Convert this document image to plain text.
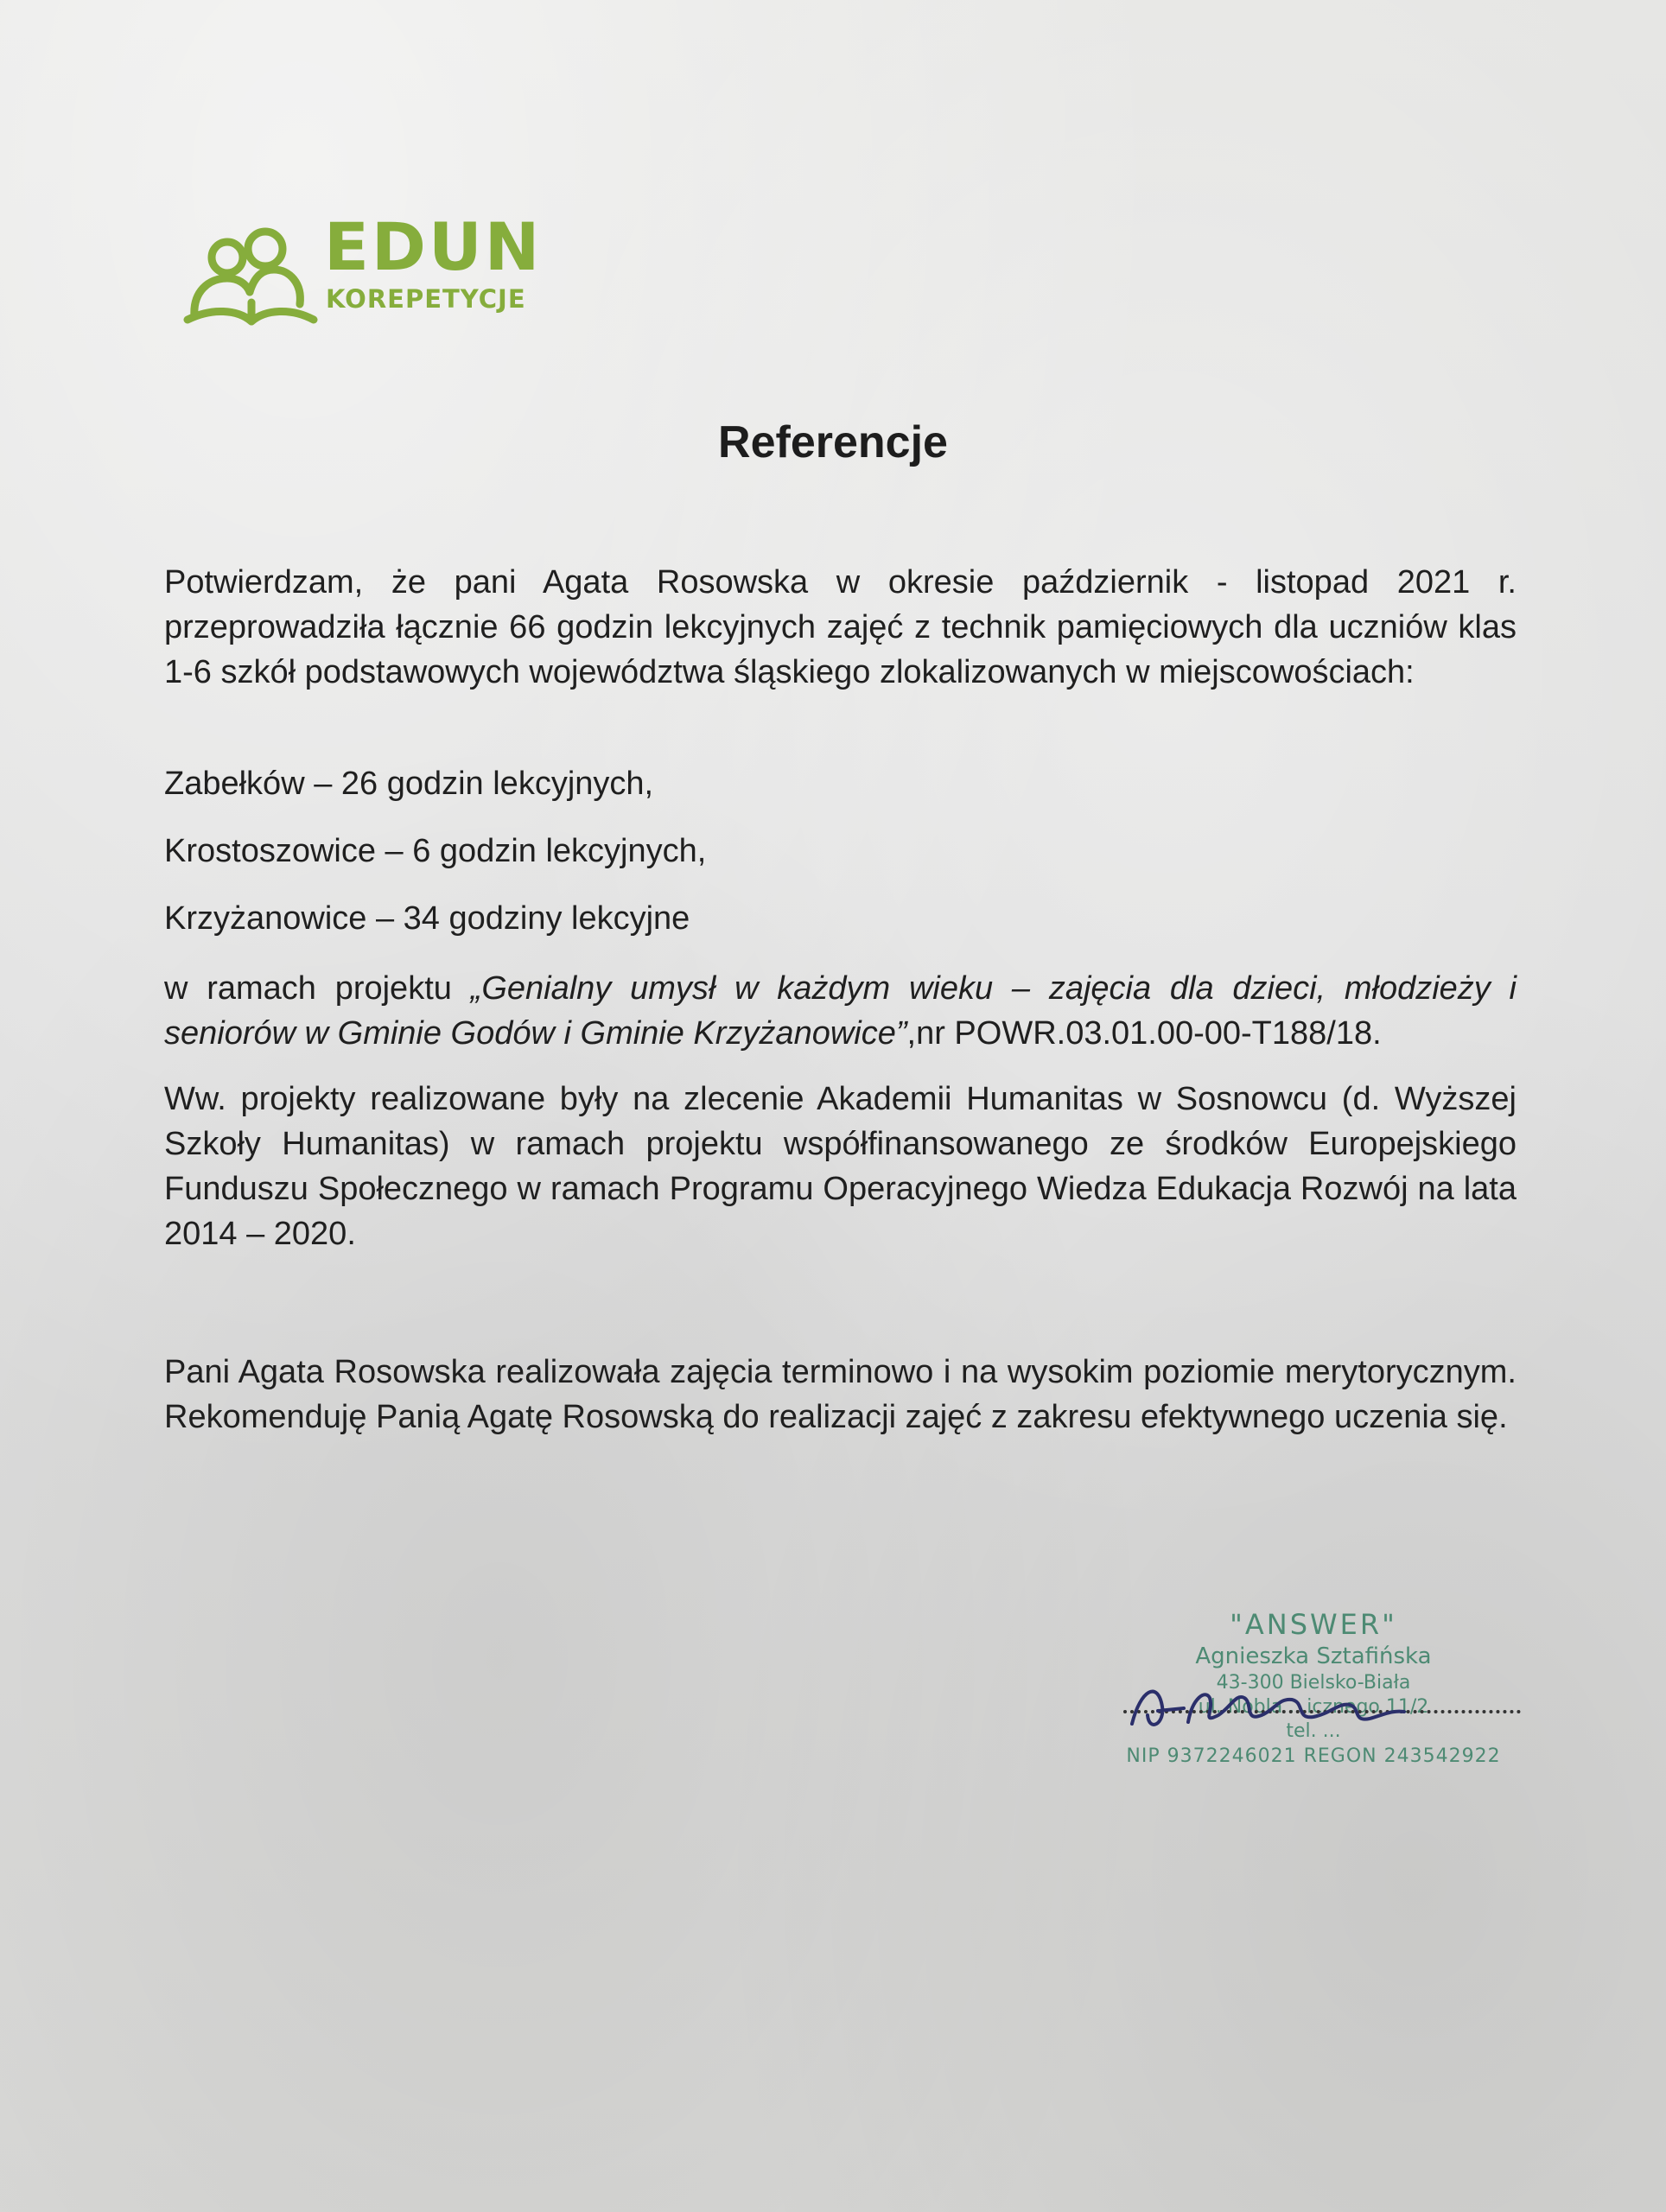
EDUN
KOREPETYCJE
Referencje

Potwierdzam, że pani Agata Rosowska w okresie październik - listopad 2021 r. przeprowadziła łącznie 66 godzin lekcyjnych zajęć z technik pamięciowych dla uczniów klas 1-6 szkół podstawowych województwa śląskiego zlokalizowanych w miejscowościach:

Zabełków – 26 godzin lekcyjnych,

Krostoszowice – 6 godzin lekcyjnych,

Krzyżanowice – 34 godziny lekcyjne

w ramach projektu „Genialny umysł w każdym wieku – zajęcia dla dzieci, młodzieży i seniorów w Gminie Godów i Gminie Krzyżanowice”,nr POWR.03.01.00-00-T188/18.

Ww. projekty realizowane były na zlecenie Akademii Humanitas w Sosnowcu (d. Wyższej Szkoły Humanitas) w ramach projektu współfinansowanego ze środków Europejskiego Funduszu Społecznego w ramach Programu Operacyjnego Wiedza Edukacja Rozwój na lata 2014 – 2020.

Pani Agata Rosowska realizowała zajęcia terminowo i na wysokim poziomie merytorycznym. Rekomenduję Panią Agatę Rosowską do realizacji zajęć z zakresu efektywnego uczenia się.

"ANSWER"
Agnieszka Sztafińska
43-300 Bielsko-Biała
ul. Nobla ...icznego 11/2
tel. ...
NIP 9372246021 REGON 243542922
